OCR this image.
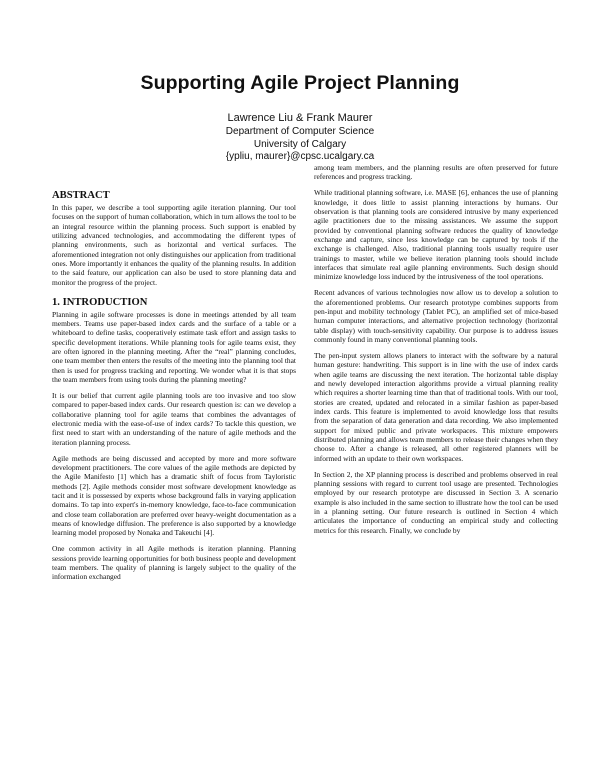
Supporting Agile Project Planning
Lawrence Liu & Frank Maurer
Department of Computer Science
University of Calgary
{ypliu, maurer}@cpsc.ucalgary.ca
ABSTRACT

In this paper, we describe a tool supporting agile iteration planning. Our tool focuses on the support of human collaboration, which in turn allows the tool to be an integral resource within the planning process. Such support is enabled by utilizing advanced technologies, and accommodating the different types of planning environments, such as horizontal and vertical surfaces. The aforementioned integration not only distinguishes our application from traditional ones. More importantly it enhances the quality of the planning results. In addition to the said feature, our application can also be used to store planning data and monitor the progress of the project.

1. INTRODUCTION

Planning in agile software processes is done in meetings attended by all team members. Teams use paper-based index cards and the surface of a table or a whiteboard to define tasks, cooperatively estimate task effort and assign tasks to specific development iterations. While planning tools for agile teams exist, they are often ignored in the planning meeting. After the “real” planning concludes, one team member then enters the results of the meeting into the planning tool that then is used for progress tracking and reporting. We wonder what it is that stops the team members from using tools during the planning meeting?

It is our belief that current agile planning tools are too invasive and too slow compared to paper-based index cards. Our research question is: can we develop a collaborative planning tool for agile teams that combines the advantages of electronic media with the ease-of-use of index cards? To tackle this question, we first need to start with an understanding of the nature of agile methods and the iteration planning process.

Agile methods are being discussed and accepted by more and more software development practitioners. The core values of the agile methods are depicted by the Agile Manifesto [1] which has a dramatic shift of focus from Tayloristic methods [2]. Agile methods consider most software development knowledge as tacit and it is possessed by experts whose background falls in varying application domains. To tap into expert's in-memory knowledge, face-to-face communication and close team collaboration are preferred over heavy-weight documentation as a means of knowledge diffusion. The preference is also supported by a knowledge learning model proposed by Nonaka and Takeuchi [4].

One common activity in all Agile methods is iteration planning. Planning sessions provide learning opportunities for both business people and development team members. The quality of planning is largely subject to the quality of the information exchanged

among team members, and the planning results are often preserved for future references and progress tracking.

While traditional planning software, i.e. MASE [6], enhances the use of planning knowledge, it does little to assist planning interactions by humans. Our observation is that planning tools are considered intrusive by many experienced agile practitioners due to the missing assistances. We assume the support provided by conventional planning software reduces the quality of knowledge exchange and capture, since less knowledge can be captured by tools if the exchange is challenged. Also, traditional planning tools usually require user trainings to master, while we believe iteration planning tools should include interfaces that simulate real agile planning environments. Such design should minimize knowledge loss induced by the intrusiveness of the tool operations.

Recent advances of various technologies now allow us to develop a solution to the aforementioned problems. Our research prototype combines supports from pen-input and mobility technology (Tablet PC), an amplified set of mice-based human computer interactions, and alternative projection technology (horizontal table display) with touch-sensitivity capability. Our purpose is to address issues commonly found in many conventional planning tools.

The pen-input system allows planers to interact with the software by a natural human gesture: handwriting. This support is in line with the use of index cards when agile teams are discussing the next iteration. The horizontal table display and newly developed interaction algorithms provide a virtual planning reality which requires a shorter learning time than that of traditional tools. With our tool, stories are created, updated and relocated in a similar fashion as paper-based index cards. This feature is implemented to avoid knowledge loss that results from the separation of data generation and data recording. We also implemented support for mixed public and private workspaces. This mixture empowers distributed planning and allows team members to release their changes when they choose to. After a change is released, all other registered planners will be informed with an update to their own workspaces.

In Section 2, the XP planning process is described and problems observed in real planning sessions with regard to current tool usage are presented. Technologies employed by our research prototype are discussed in Section 3. A scenario example is also included in the same section to illustrate how the tool can be used in a planning setting. Our future research is outlined in Section 4 which articulates the importance of conducting an empirical study and collecting metrics for this research. Finally, we conclude by
